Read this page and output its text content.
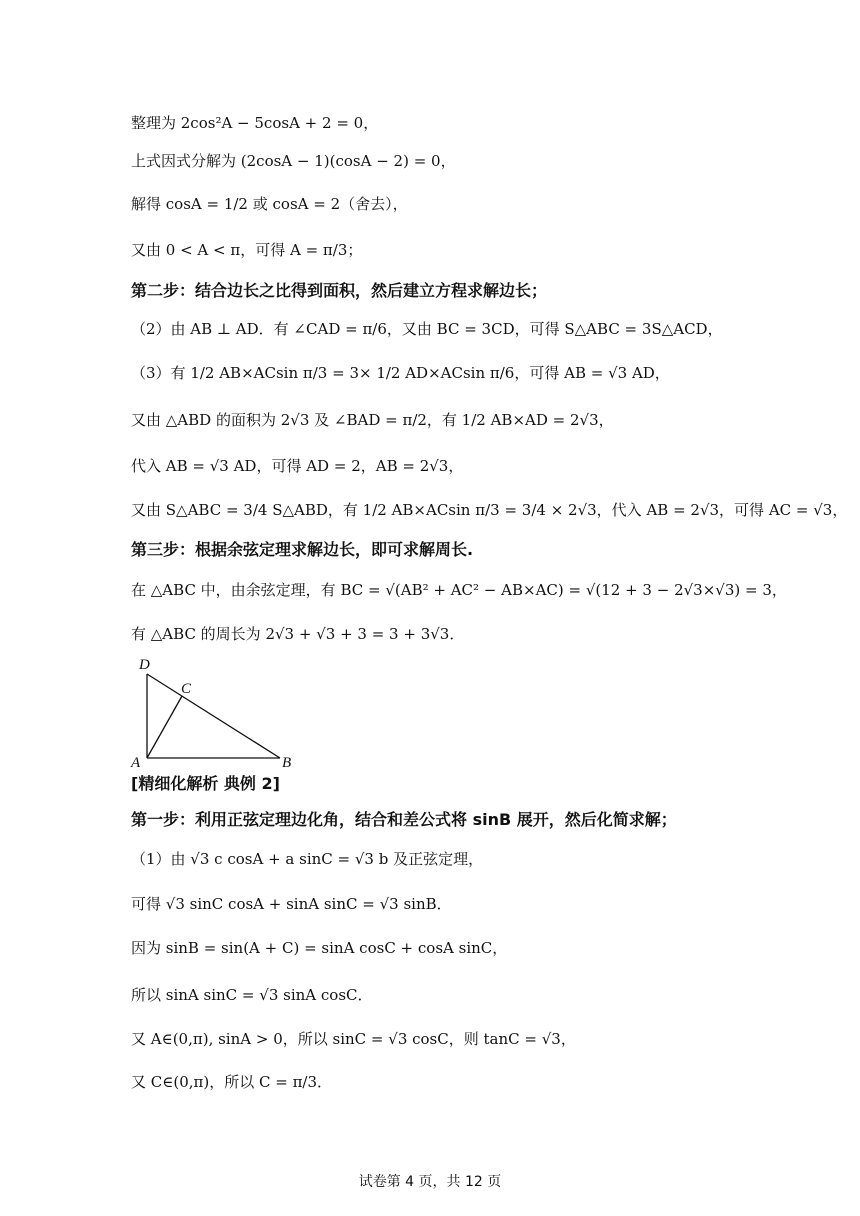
整理为 2cos²A − 5cosA + 2 = 0，
上式因式分解为 (2cosA − 1)(cosA − 2) = 0，
解得 cosA = 1/2 或 cosA = 2（舍去），
又由 0 < A < π，可得 A = π/3；
第二步：结合边长之比得到面积，然后建立方程求解边长；
（2）由 AB ⊥ AD．有 ∠CAD = π/6，又由 BC = 3CD，可得 S△ABC = 3S△ACD，
（3）有 1/2 AB×ACsin π/3 = 3× 1/2 AD×ACsin π/6，可得 AB = √3 AD，
又由 △ABD 的面积为 2√3 及 ∠BAD = π/2，有 1/2 AB×AD = 2√3，
代入 AB = √3 AD，可得 AD = 2，AB = 2√3，
又由 S△ABC = 3/4 S△ABD，有 1/2 AB×ACsin π/3 = 3/4 × 2√3，代入 AB = 2√3，可得 AC = √3，
第三步：根据余弦定理求解边长，即可求解周长.
在 △ABC 中，由余弦定理，有 BC = √(AB² + AC² − AB×AC) = √(12 + 3 − 2√3×√3) = 3，
有 △ABC 的周长为 2√3 + √3 + 3 = 3 + 3√3．
[精细化解析 典例 2]
第一步：利用正弦定理边化角，结合和差公式将 sinB 展开，然后化简求解；
（1）由 √3 c cosA + a sinC = √3 b 及正弦定理，
可得 √3 sinC cosA + sinA sinC = √3 sinB．
因为 sinB = sin(A + C) = sinA cosC + cosA sinC，
所以 sinA sinC = √3 sinA cosC．
又 A∈(0,π), sinA > 0，所以 sinC = √3 cosC，则 tanC = √3，
又 C∈(0,π)，所以 C = π/3．
D
C
A	B
试卷第 4 页，共 12 页
